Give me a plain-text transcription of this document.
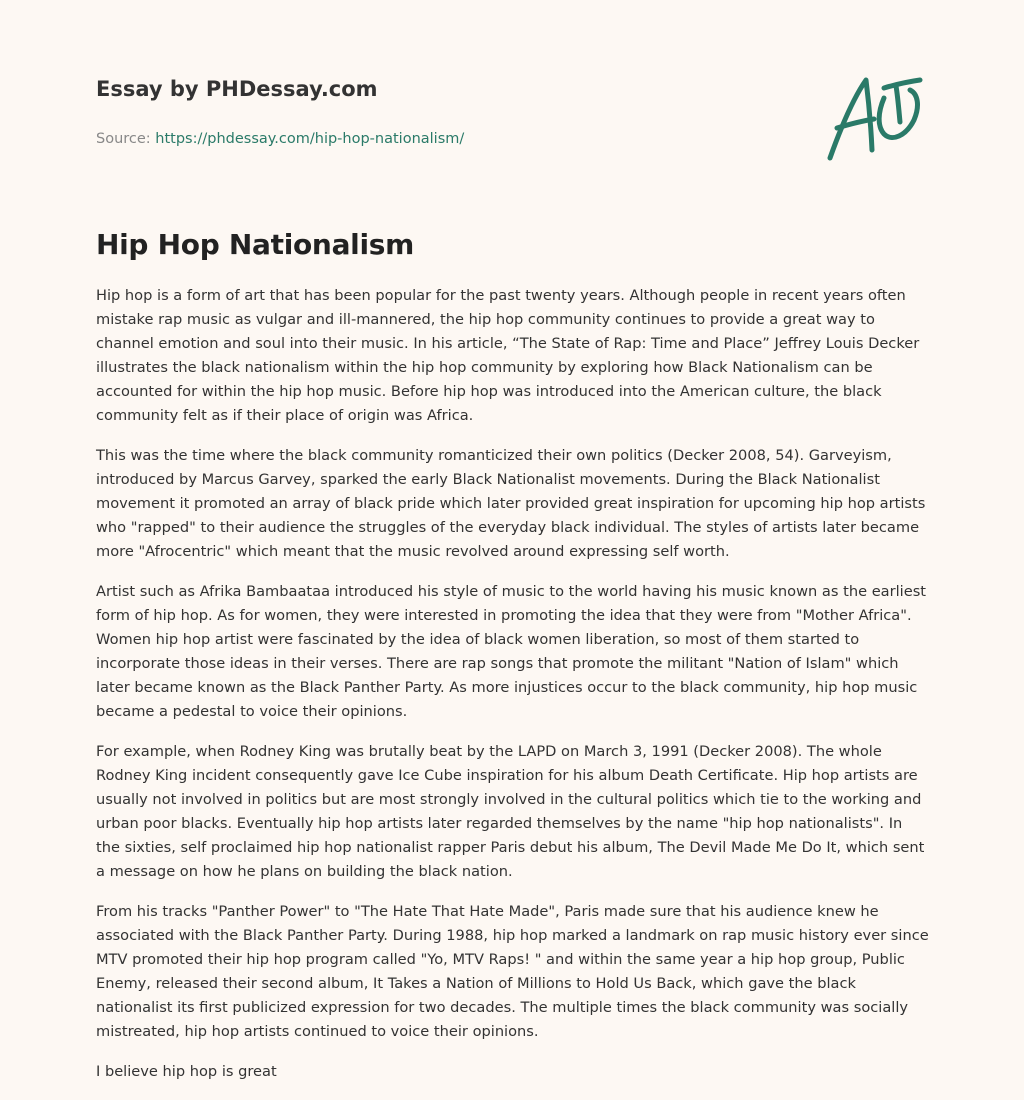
Essay by PHDessay.com
Source: https://phdessay.com/hip-hop-nationalism/
Hip Hop Nationalism

Hip hop is a form of art that has been popular for the past twenty years. Although people in recent years often mistake rap music as vulgar and ill-mannered, the hip hop community continues to provide a great way to channel emotion and soul into their music. In his article, “The State of Rap: Time and Place” Jeffrey Louis Decker illustrates the black nationalism within the hip hop community by exploring how Black Nationalism can be accounted for within the hip hop music. Before hip hop was introduced into the American culture, the black community felt as if their place of origin was Africa.

This was the time where the black community romanticized their own politics (Decker 2008, 54). Garveyism, introduced by Marcus Garvey, sparked the early Black Nationalist movements. During the Black Nationalist movement it promoted an array of black pride which later provided great inspiration for upcoming hip hop artists who "rapped" to their audience the struggles of the everyday black individual. The styles of artists later became more "Afrocentric" which meant that the music revolved around expressing self worth.

Artist such as Afrika Bambaataa introduced his style of music to the world having his music known as the earliest form of hip hop. As for women, they were interested in promoting the idea that they were from "Mother Africa". Women hip hop artist were fascinated by the idea of black women liberation, so most of them started to incorporate those ideas in their verses. There are rap songs that promote the militant "Nation of Islam" which later became known as the Black Panther Party. As more injustices occur to the black community, hip hop music became a pedestal to voice their opinions.

For example, when Rodney King was brutally beat by the LAPD on March 3, 1991 (Decker 2008). The whole Rodney King incident consequently gave Ice Cube inspiration for his album Death Certificate. Hip hop artists are usually not involved in politics but are most strongly involved in the cultural politics which tie to the working and urban poor blacks. Eventually hip hop artists later regarded themselves by the name "hip hop nationalists". In the sixties, self proclaimed hip hop nationalist rapper Paris debut his album, The Devil Made Me Do It, which sent a message on how he plans on building the black nation.

From his tracks "Panther Power" to "The Hate That Hate Made", Paris made sure that his audience knew he associated with the Black Panther Party. During 1988, hip hop marked a landmark on rap music history ever since MTV promoted their hip hop program called "Yo, MTV Raps! " and within the same year a hip hop group, Public Enemy, released their second album, It Takes a Nation of Millions to Hold Us Back, which gave the black nationalist its first publicized expression for two decades. The multiple times the black community was socially mistreated, hip hop artists continued to voice their opinions.

I believe hip hop is great
